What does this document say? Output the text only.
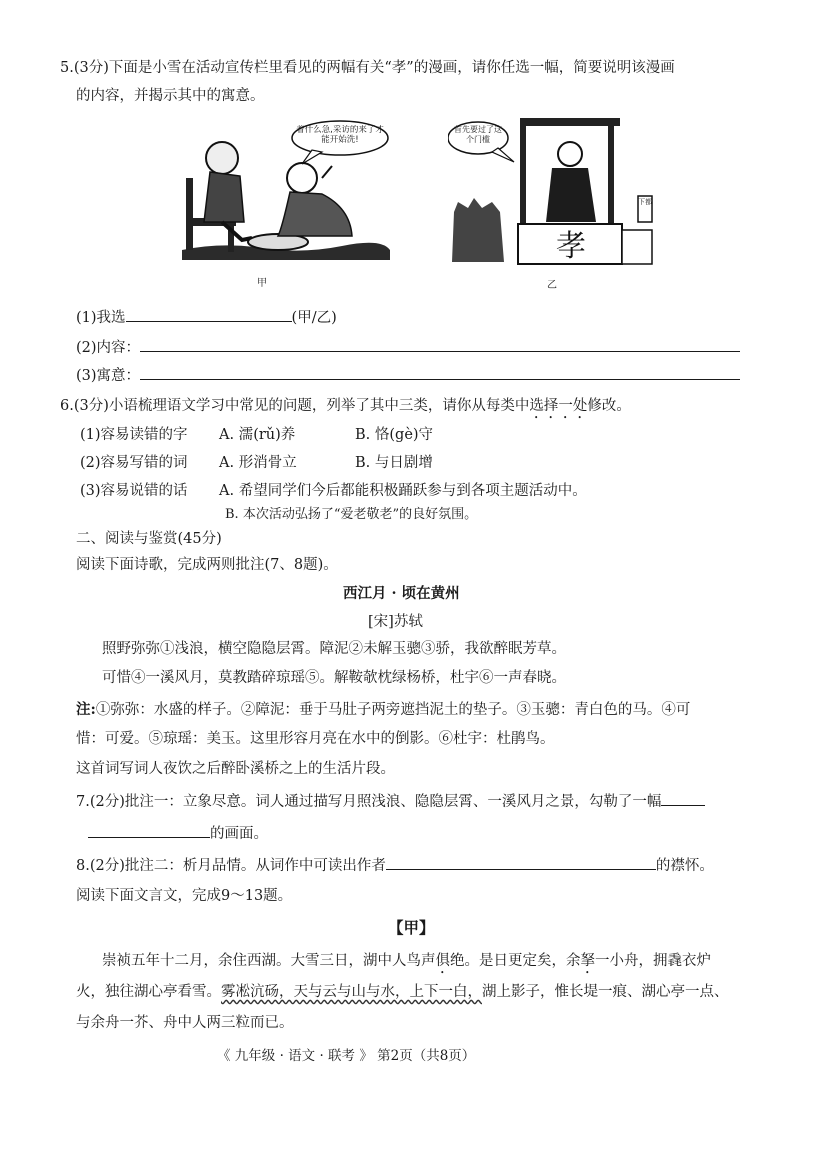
5.(3分)下面是小雪在活动宣传栏里看见的两幅有关“孝”的漫画，请你任选一幅，简要说明该漫画
的内容，并揭示其中的寓意。
着什么急,采访的来了才能开始洗!
甲
孝
首先要过了这个门槛
下都
乙
(1)我选	(甲/乙)
(2)内容：
(3)寓意：
6.(3分)小语梳理语文学习中常见的问题，列举了其中三类，请你从每类中选择一处修改。
(1)容易读错的字 A. 濡(rǔ)养	B. 恪(gè)守
(2)容易写错的词 A. 形消骨立	B. 与日剧增
(3)容易说错的话 A. 希望同学们今后都能积极踊跃参与到各项主题活动中。
B. 本次活动弘扬了“爱老敬老”的良好氛围。
二、阅读与鉴赏(45分)
阅读下面诗歌，完成两则批注(7、8题)。
西江月 · 顷在黄州
[宋]苏轼
照野弥弥①浅浪，横空隐隐层霄。障泥②未解玉骢③骄，我欲醉眠芳草。
可惜④一溪风月，莫教踏碎琼瑶⑤。解鞍欹枕绿杨桥，杜宇⑥一声春晓。
注:①弥弥：水盛的样子。②障泥：垂于马肚子两旁遮挡泥土的垫子。③玉骢：青白色的马。④可
惜：可爱。⑤琼瑶：美玉。这里形容月亮在水中的倒影。⑥杜宇：杜鹃鸟。
这首词写词人夜饮之后醉卧溪桥之上的生活片段。
7.(2分)批注一：立象尽意。词人通过描写月照浅浪、隐隐层霄、一溪风月之景，勾勒了一幅
的画面。
8.(2分)批注二：析月品情。从词作中可读出作者	的襟怀。
阅读下面文言文，完成9～13题。
【甲】
崇祯五年十二月，余住西湖。大雪三日，湖中人鸟声俱绝。是日更定矣，余拏一小舟，拥毳衣炉
火，独往湖心亭看雪。雾凇沆砀，天与云与山与水，上下一白，湖上影子，惟长堤一痕、湖心亭一点、
与余舟一芥、舟中人两三粒而已。
《 九年级 · 语文 · 联考 》 第2页（共8页）
